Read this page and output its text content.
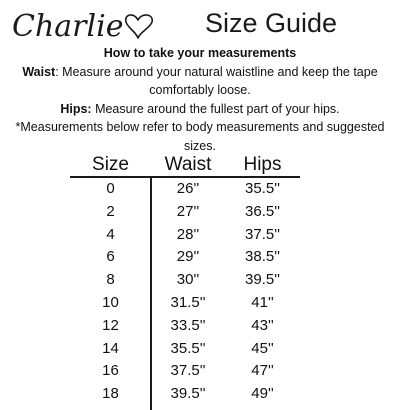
Charlie	Size Guide

How to take your measurements

Waist: Measure around your natural waistline and keep the tape comfortably loose.

Hips: Measure around the fullest part of your hips.

*Measurements below refer to body measurements and suggested sizes.

Size	Waist	Hips
0	26''	35.5''
2	27''	36.5''
4	28''	37.5''
6	29''	38.5''
8	30''	39.5''
10	31.5''	41''
12	33.5''	43''
14	35.5''	45''
16	37.5''	47''
18	39.5''	49''
